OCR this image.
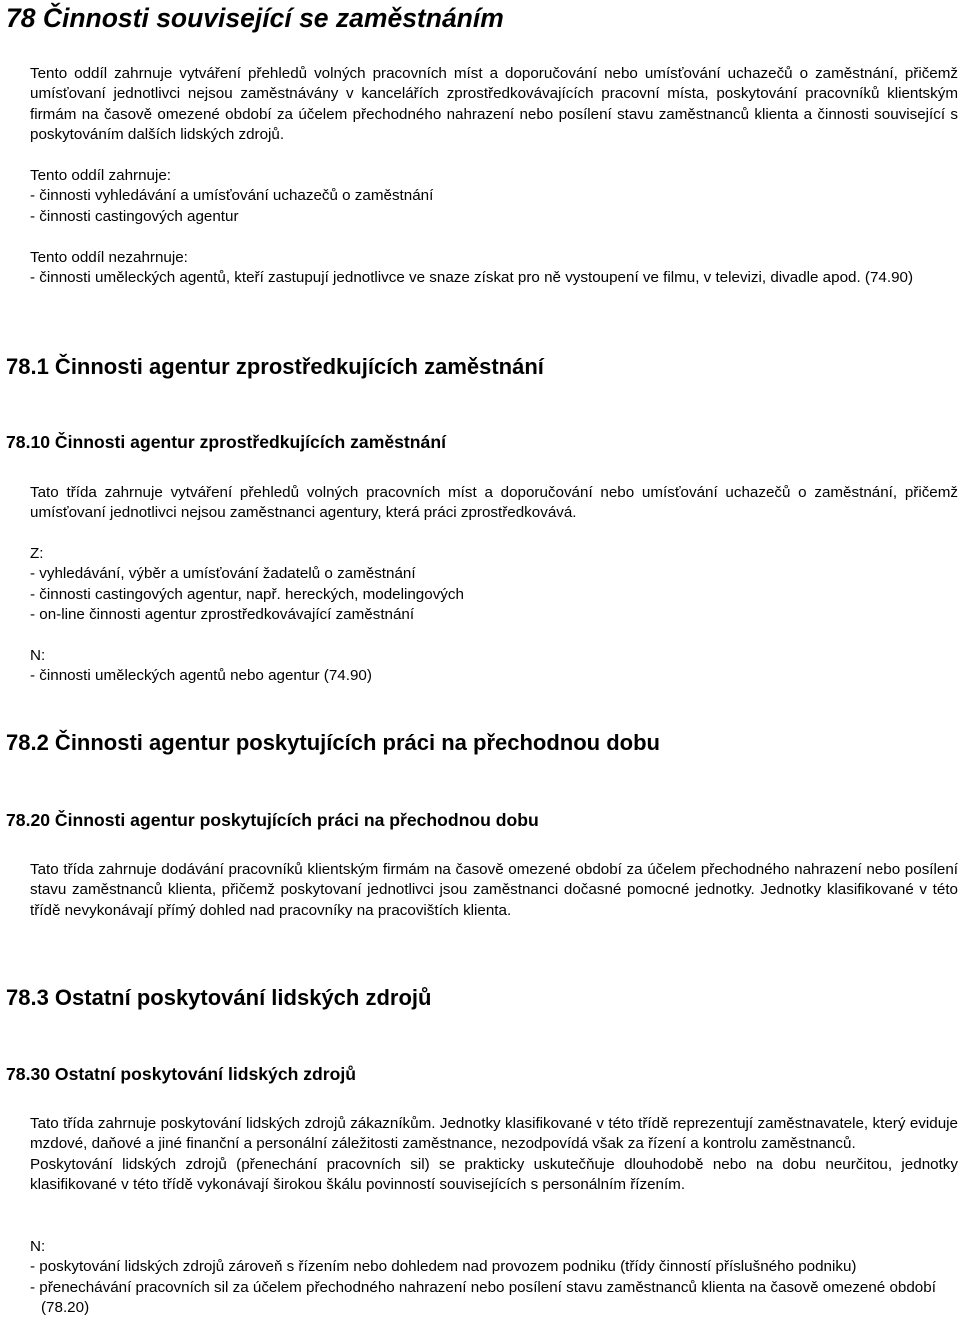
78 Činnosti související se zaměstnáním

Tento oddíl zahrnuje vytváření přehledů volných pracovních míst a doporučování nebo umísťování uchazečů o zaměstnání, přičemž umísťovaní jednotlivci nejsou zaměstnávány v kancelářích zprostředkovávajících pracovní místa, poskytování pracovníků klientským firmám na časově omezené období za účelem přechodného nahrazení nebo posílení stavu zaměstnanců klienta a činnosti související s poskytováním dalších lidských zdrojů.

Tento oddíl zahrnuje:

- činnosti vyhledávání a umísťování uchazečů o zaměstnání
- činnosti castingových agentur

Tento oddíl nezahrnuje:

- činnosti uměleckých agentů, kteří zastupují jednotlivce ve snaze získat pro ně vystoupení ve filmu, v televizi, divadle apod. (74.90)
78.1 Činnosti agentur zprostředkujících zaměstnání
78.10 Činnosti agentur zprostředkujících zaměstnání

Tato třída zahrnuje vytváření přehledů volných pracovních míst a doporučování nebo umísťování uchazečů o zaměstnání, přičemž umísťovaní jednotlivci nejsou zaměstnanci agentury, která práci zprostředkovává.

Z:

- vyhledávání, výběr a umísťování žadatelů o zaměstnání
- činnosti castingových agentur, např. hereckých, modelingových
- on-line činnosti agentur zprostředkovávající zaměstnání

N:

- činnosti uměleckých agentů nebo agentur (74.90)
78.2 Činnosti agentur poskytujících práci na přechodnou dobu
78.20 Činnosti agentur poskytujících práci na přechodnou dobu

Tato třída zahrnuje dodávání pracovníků klientským firmám na časově omezené období za účelem přechodného nahrazení nebo posílení stavu zaměstnanců klienta, přičemž poskytovaní jednotlivci jsou zaměstnanci dočasné pomocné jednotky. Jednotky klasifikované v této třídě nevykonávají přímý dohled nad pracovníky na pracovištích klienta.

78.3 Ostatní poskytování lidských zdrojů
78.30 Ostatní poskytování lidských zdrojů

Tato třída zahrnuje poskytování lidských zdrojů zákazníkům. Jednotky klasifikované v této třídě reprezentují zaměstnavatele, který eviduje mzdové, daňové a jiné finanční a personální záležitosti zaměstnance, nezodpovídá však za řízení a kontrolu zaměstnanců.

Poskytování lidských zdrojů (přenechání pracovních sil) se prakticky uskutečňuje dlouhodobě nebo na dobu neurčitou, jednotky klasifikované v této třídě vykonávají širokou škálu povinností souvisejících s personálním řízením.

N:

- poskytování lidských zdrojů zároveň s řízením nebo dohledem nad provozem podniku (třídy činností příslušného podniku)
- přenechávání pracovních sil za účelem přechodného nahrazení nebo posílení stavu zaměstnanců klienta na časově omezené období (78.20)
